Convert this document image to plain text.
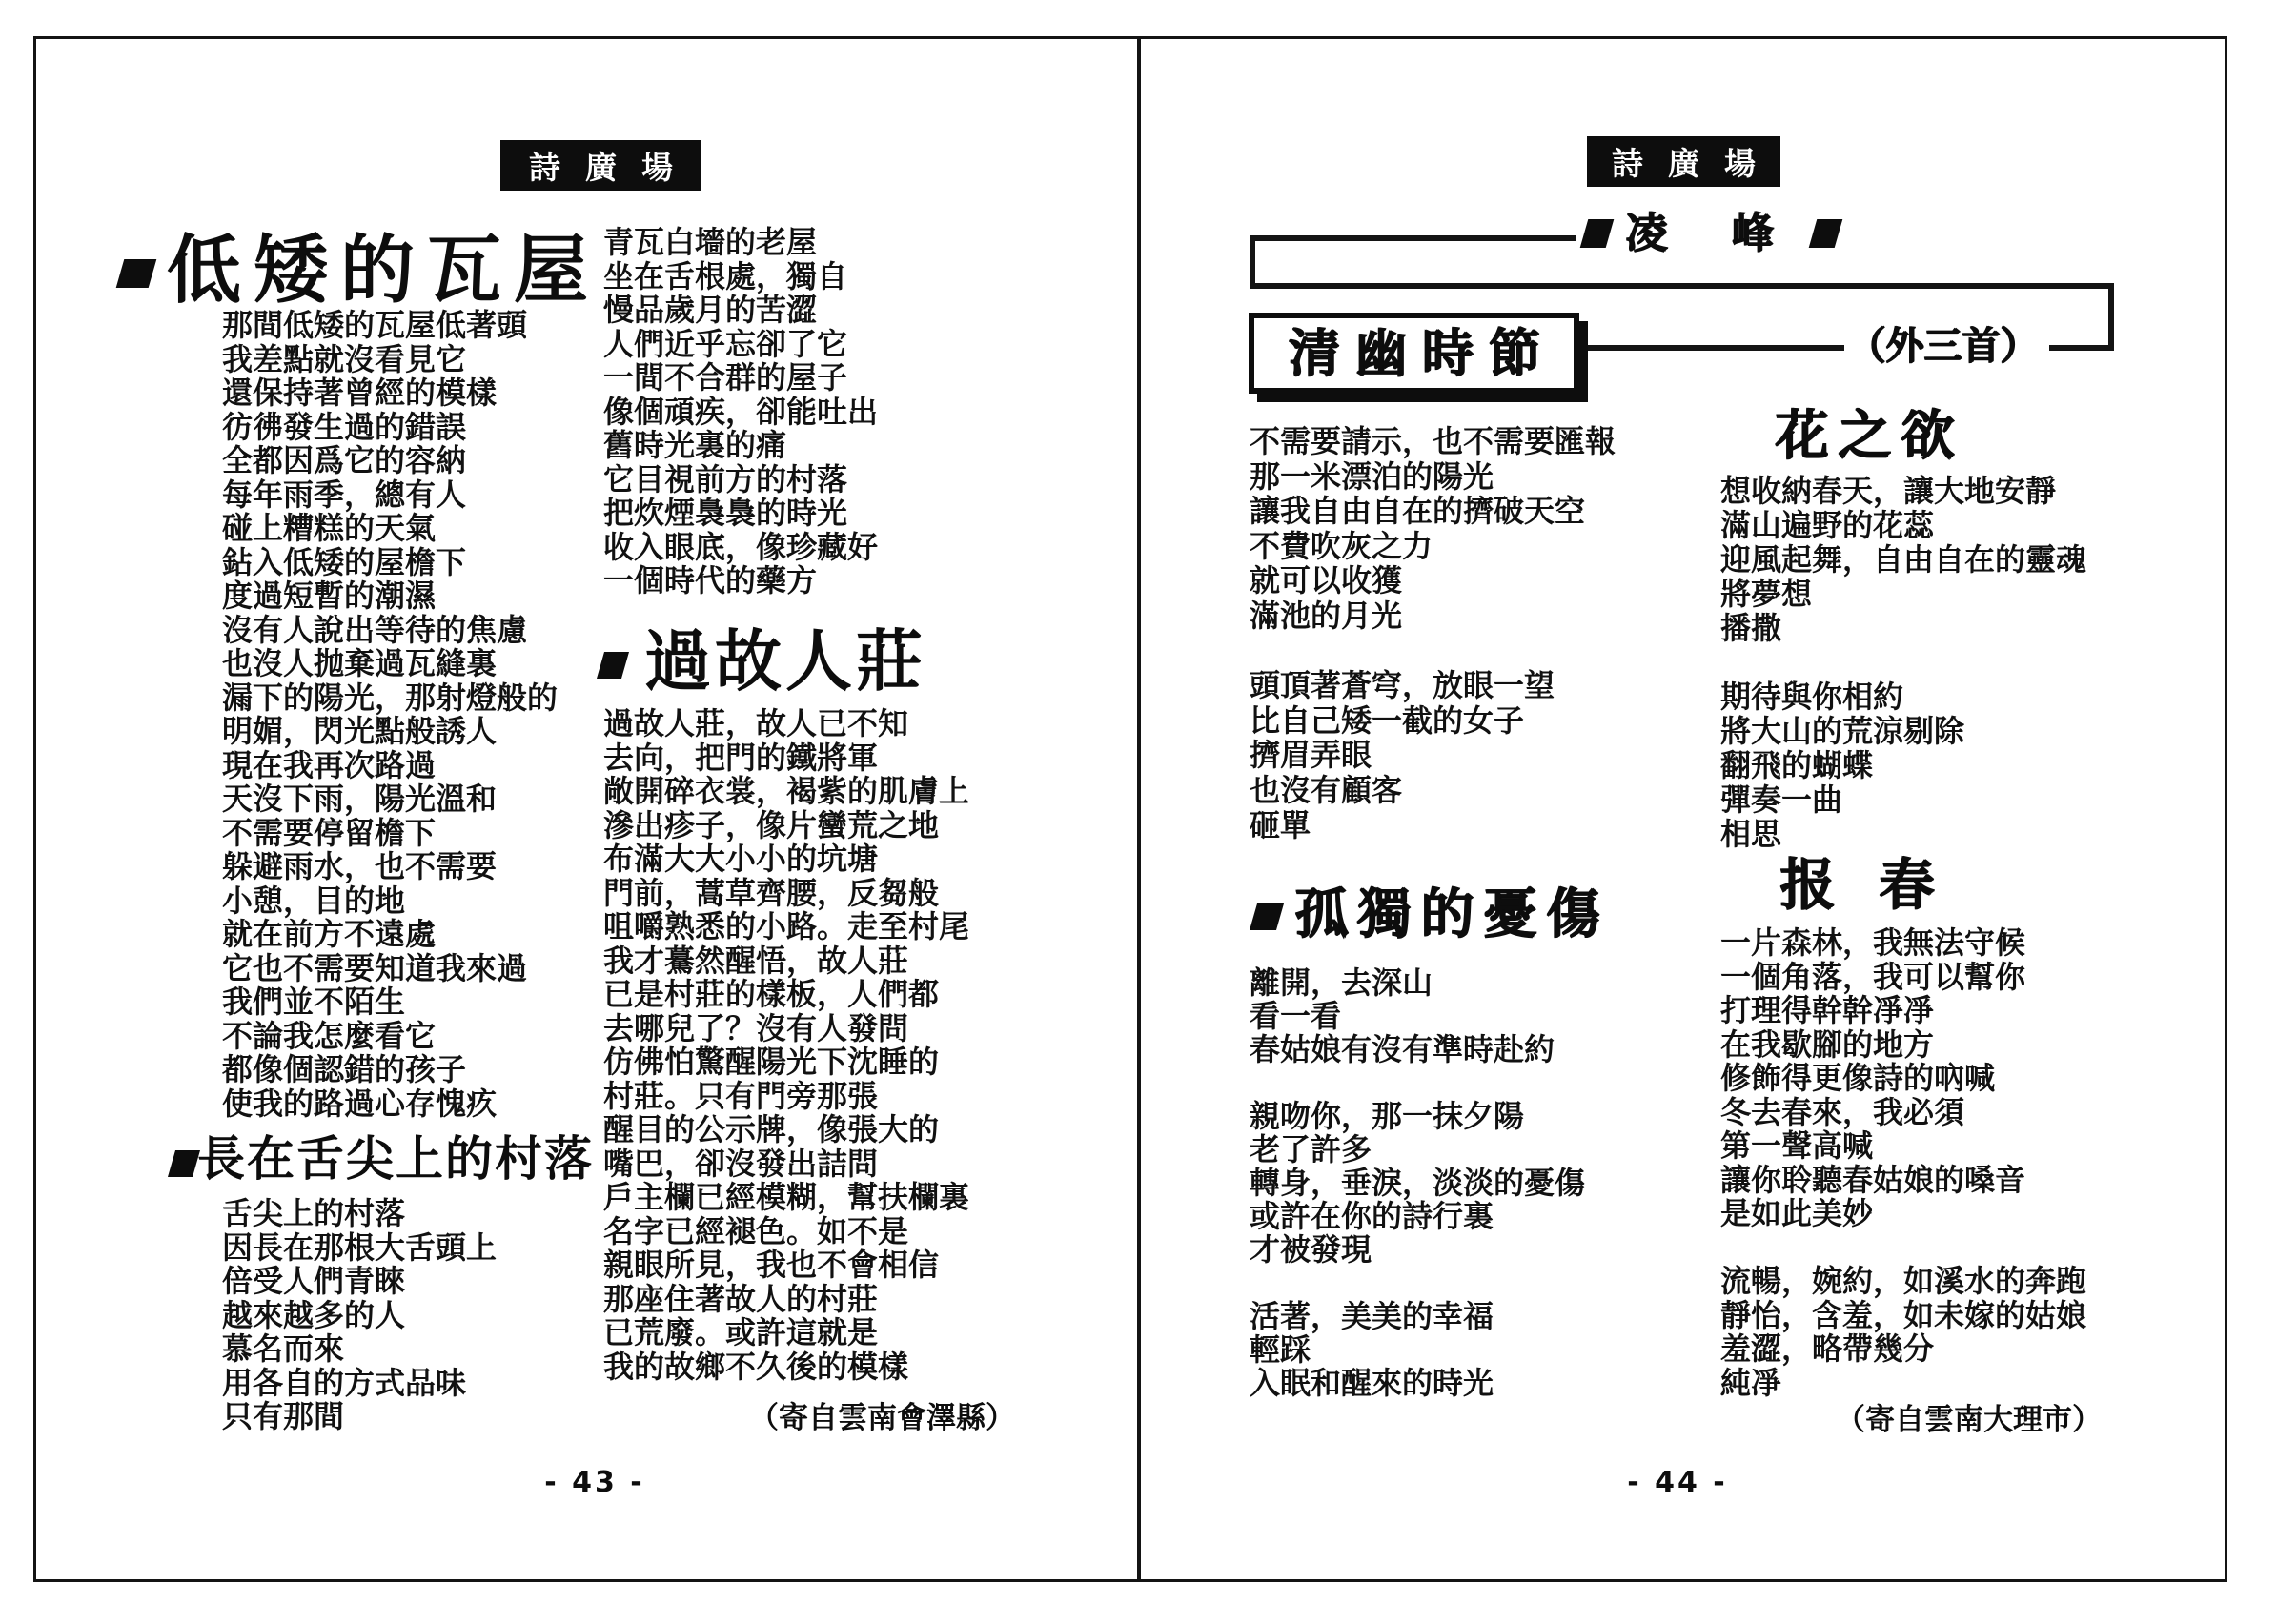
詩廣場
低矮的瓦屋
那間低矮的瓦屋低著頭
我差點就沒看見它
還保持著曾經的模樣
彷彿發生過的錯誤
全都因爲它的容納
每年雨季，總有人
碰上糟糕的天氣
鉆入低矮的屋檐下
度過短暫的潮濕
沒有人說出等待的焦慮
也沒人抛棄過瓦縫裏
漏下的陽光，那射燈般的
明媚，閃光點般誘人
現在我再次路過
天沒下雨，陽光溫和
不需要停留檐下
躲避雨水，也不需要
小憩，目的地
就在前方不遠處
它也不需要知道我來過
我們並不陌生
不論我怎麼看它
都像個認錯的孩子
使我的路過心存愧疚
長在舌尖上的村落
舌尖上的村落
因長在那根大舌頭上
倍受人們青睞
越來越多的人
慕名而來
用各自的方式品味
只有那間
青瓦白墻的老屋
坐在舌根處，獨自
慢品歲月的苦澀
人們近乎忘卻了它
一間不合群的屋子
像個頑疾，卻能吐出
舊時光裏的痛
它目視前方的村落
把炊煙裊裊的時光
收入眼底，像珍藏好
一個時代的藥方
過故人莊
過故人莊，故人已不知
去向，把門的鐵將軍
敞開碎衣裳，褐紫的肌膚上
滲出疹子，像片蠻荒之地
布滿大大小小的坑塘
門前，蒿草齊腰，反芻般
咀嚼熟悉的小路。走至村尾
我才驀然醒悟，故人莊
已是村莊的樣板，人們都
去哪兒了？沒有人發問
仿佛怕驚醒陽光下沈睡的
村莊。只有門旁那張
醒目的公示牌，像張大的
嘴巴，卻沒發出詰問
戶主欄已經模糊，幫扶欄裏
名字已經褪色。如不是
親眼所見，我也不會相信
那座住著故人的村莊
已荒廢。或許這就是
我的故鄉不久後的模樣
（寄自雲南會澤縣）
- 43 -
詩廣場
凌 峰
清幽時節	（外三首）
不需要請示，也不需要匯報
那一米漂泊的陽光
讓我自由自在的擠破天空
不費吹灰之力
就可以收獲
滿池的月光

頭頂著蒼穹，放眼一望
比自己矮一截的女子
擠眉弄眼
也沒有顧客
砸單
孤獨的憂傷
離開，去深山
看一看
春姑娘有沒有準時赴約

親吻你，那一抹夕陽
老了許多
轉身，垂淚，淡淡的憂傷
或許在你的詩行裏
才被發現

活著，美美的幸福
輕踩
入眠和醒來的時光
花之欲
想收納春天，讓大地安靜
滿山遍野的花蕊
迎風起舞，自由自在的靈魂
將夢想
播撒

期待與你相約
將大山的荒涼剔除
翻飛的蝴蝶
彈奏一曲
相思
报春
一片森林，我無法守候
一個角落，我可以幫你
打理得幹幹凈凈
在我歇腳的地方
修飾得更像詩的吶喊
冬去春來，我必須
第一聲高喊
讓你聆聽春姑娘的嗓音
是如此美妙

流暢，婉約，如溪水的奔跑
靜怡，含羞，如未嫁的姑娘
羞澀，略帶幾分
純凈
（寄自雲南大理市）
- 44 -
